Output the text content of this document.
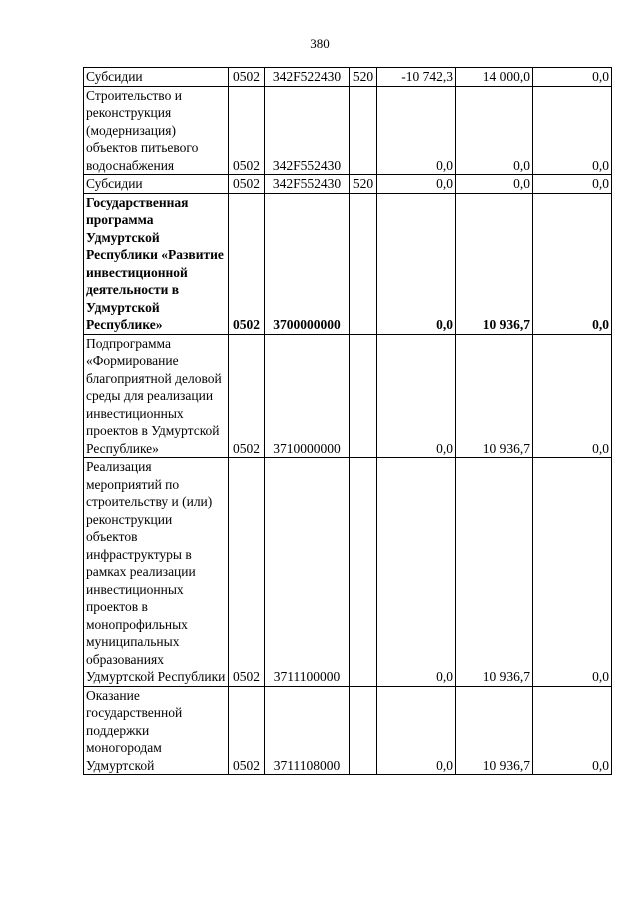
380
Субсидии	0502	342F522430	520	-10 742,3	14 000,0	0,0
Строительство и реконструкция (модернизация) объектов питьевого водоснабжения	0502	342F552430		0,0	0,0	0,0
Субсидии	0502	342F552430	520	0,0	0,0	0,0
Государственная программа Удмуртской Республики «Развитие инвестиционной деятельности в Удмуртской Республике»	0502	3700000000		0,0	10 936,7	0,0
Подпрограмма «Формирование благоприятной деловой среды для реализации инвестиционных проектов в Удмуртской Республике»	0502	3710000000		0,0	10 936,7	0,0
Реализация мероприятий по строительству и (или) реконструкции объектов инфраструктуры в рамках реализации инвестиционных проектов в монопрофильных муниципальных образованиях Удмуртской Республики	0502	3711100000		0,0	10 936,7	0,0
Оказание государственной поддержки моногородам Удмуртской	0502	3711108000		0,0	10 936,7	0,0
